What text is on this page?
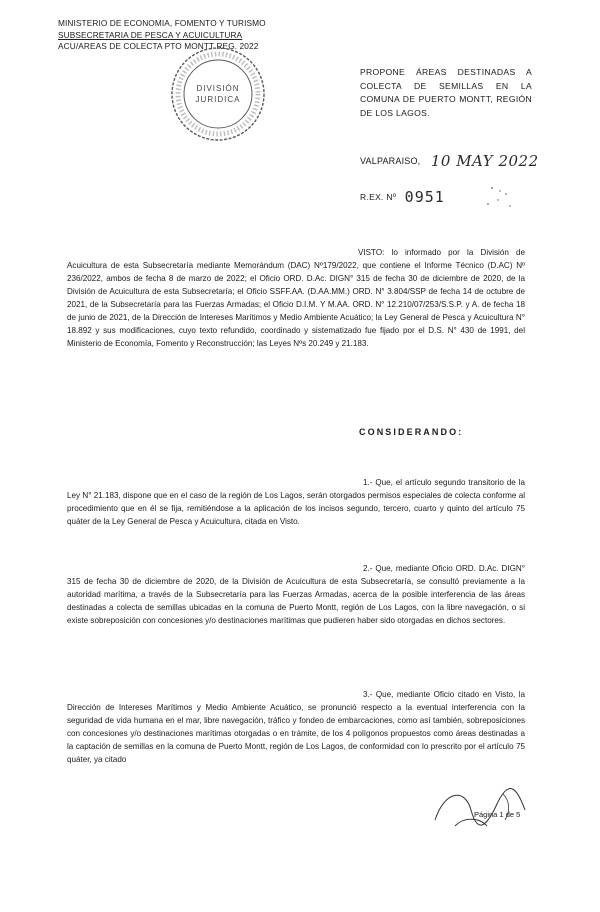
MINISTERIO DE ECONOMIA, FOMENTO Y TURISMO
SUBSECRETARIA DE PESCA Y ACUICULTURA
ACU/AREAS DE COLECTA PTO MONTT REG. 2022
DIVISIÓN
JURIDICA
PROPONE ÁREAS DESTINADAS A COLECTA DE SEMILLAS EN LA COMUNA DE PUERTO MONTT, REGIÓN DE LOS LAGOS.
VALPARAISO, 10 MAY 2022
R.EX. Nº 0951
VISTO: lo informado por la División de Acuicultura de esta Subsecretaría mediante Memorándum (DAC) Nº179/2022, que contiene el Informe Técnico (D.AC) Nº 236/2022, ambos de fecha 8 de marzo de 2022; el Oficio ORD. D.Ac. DIGN° 315 de fecha 30 de diciembre de 2020, de la División de Acuicultura de esta Subsecretaría; el Oficio SSFF.AA. (D.AA.MM.) ORD. N° 3.804/SSP de fecha 14 de octubre de 2021, de la Subsecretaría para las Fuerzas Armadas; el Oficio D.I.M. Y M.AA. ORD. N° 12.210/07/253/S.S.P. y A. de fecha 18 de junio de 2021, de la Dirección de Intereses Marítimos y Medio Ambiente Acuático; la Ley General de Pesca y Acuicultura N° 18.892 y sus modificaciones, cuyo texto refundido, coordinado y sistematizado fue fijado por el D.S. N° 430 de 1991, del Ministerio de Economía, Fomento y Reconstrucción; las Leyes Nºs 20.249 y 21.183.
CONSIDERANDO:
1.- Que, el artículo segundo transitorio de la Ley N° 21.183, dispone que en el caso de la región de Los Lagos, serán otorgados permisos especiales de colecta conforme al procedimiento que en él se fija, remitiéndose a la aplicación de los incisos segundo, tercero, cuarto y quinto del artículo 75 quáter de la Ley General de Pesca y Acuicultura, citada en Visto.
2.- Que, mediante Oficio ORD. D.Ac. DIGN° 315 de fecha 30 de diciembre de 2020, de la División de Acuicultura de esta Subsecretaría, se consultó previamente a la autoridad marítima, a través de la Subsecretaría para las Fuerzas Armadas, acerca de la posible interferencia de las áreas destinadas a colecta de semillas ubicadas en la comuna de Puerto Montt, región de Los Lagos, con la libre navegación, o si existe sobreposición con concesiones y/o destinaciones marítimas que pudieren haber sido otorgadas en dichos sectores.
3.- Que, mediante Oficio citado en Visto, la Dirección de Intereses Marítimos y Medio Ambiente Acuático, se pronunció respecto a la eventual interferencia con la seguridad de vida humana en el mar, libre navegación, tráfico y fondeo de embarcaciones, como así también, sobreposiciones con concesiones y/o destinaciones marítimas otorgadas o en trámite, de los 4 polígonos propuestos como áreas destinadas a la captación de semillas en la comuna de Puerto Montt, región de Los Lagos, de conformidad con lo prescrito por el artículo 75 quáter, ya citado
Página 1 de 5
